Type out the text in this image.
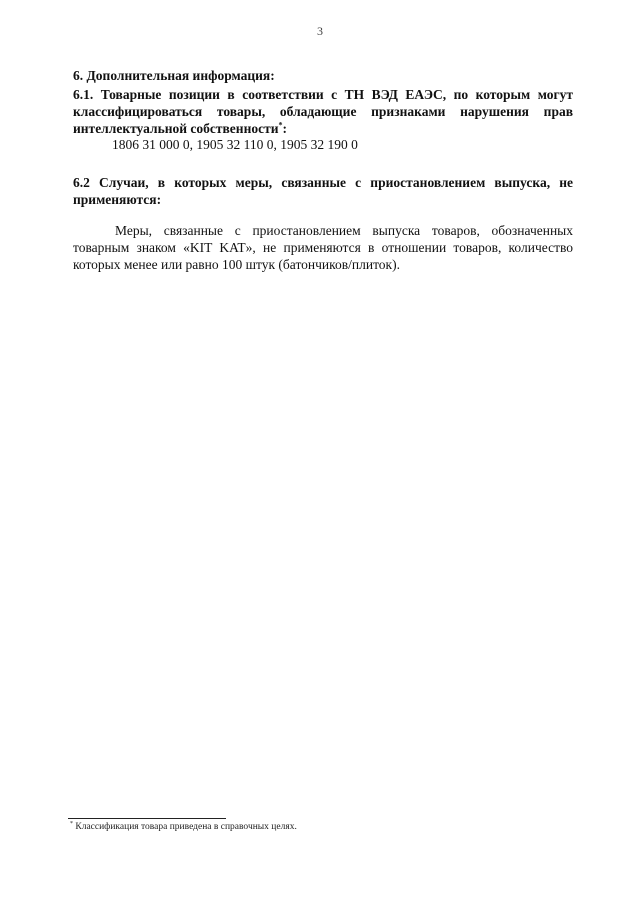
3
6. Дополнительная информация:
6.1. Товарные позиции в соответствии с ТН ВЭД ЕАЭС, по которым могут классифицироваться товары, обладающие признаками нарушения прав интеллектуальной собственности*:
1806 31 000 0, 1905 32 110 0, 1905 32 190 0
6.2 Случаи, в которых меры, связанные с приостановлением выпуска, не применяются:
Меры, связанные с приостановлением выпуска товаров, обозначенных товарным знаком «KIT KAT», не применяются в отношении товаров, количество которых менее или равно 100 штук (батончиков/плиток).
* Классификация товара приведена в справочных целях.
